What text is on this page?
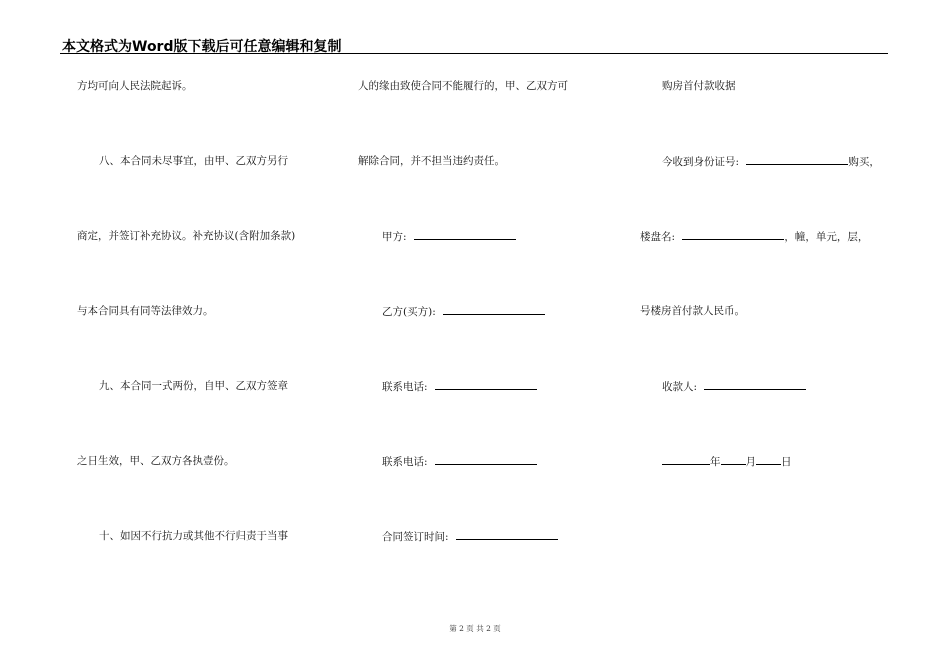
本文格式为Word版下载后可任意编辑和复制
方均可向人民法院起诉。
八、本合同未尽事宜，由甲、乙双方另行
商定，并签订补充协议。补充协议(含附加条款)
与本合同具有同等法律效力。
九、本合同一式两份，自甲、乙双方签章
之日生效，甲、乙双方各执壹份。
十、如因不行抗力或其他不行归责于当事
人的缘由致使合同不能履行的，甲、乙双方可
解除合同，并不担当违约责任。
甲方:
乙方(买方):
联系电话:
联系电话:
合同签订时间:
购房首付款收据
今收到身份证号:	购买，
楼盘名:	，幢，单元，层，
号楼房首付款人民币。
收款人:
年 月 日
第 2 页 共 2 页
